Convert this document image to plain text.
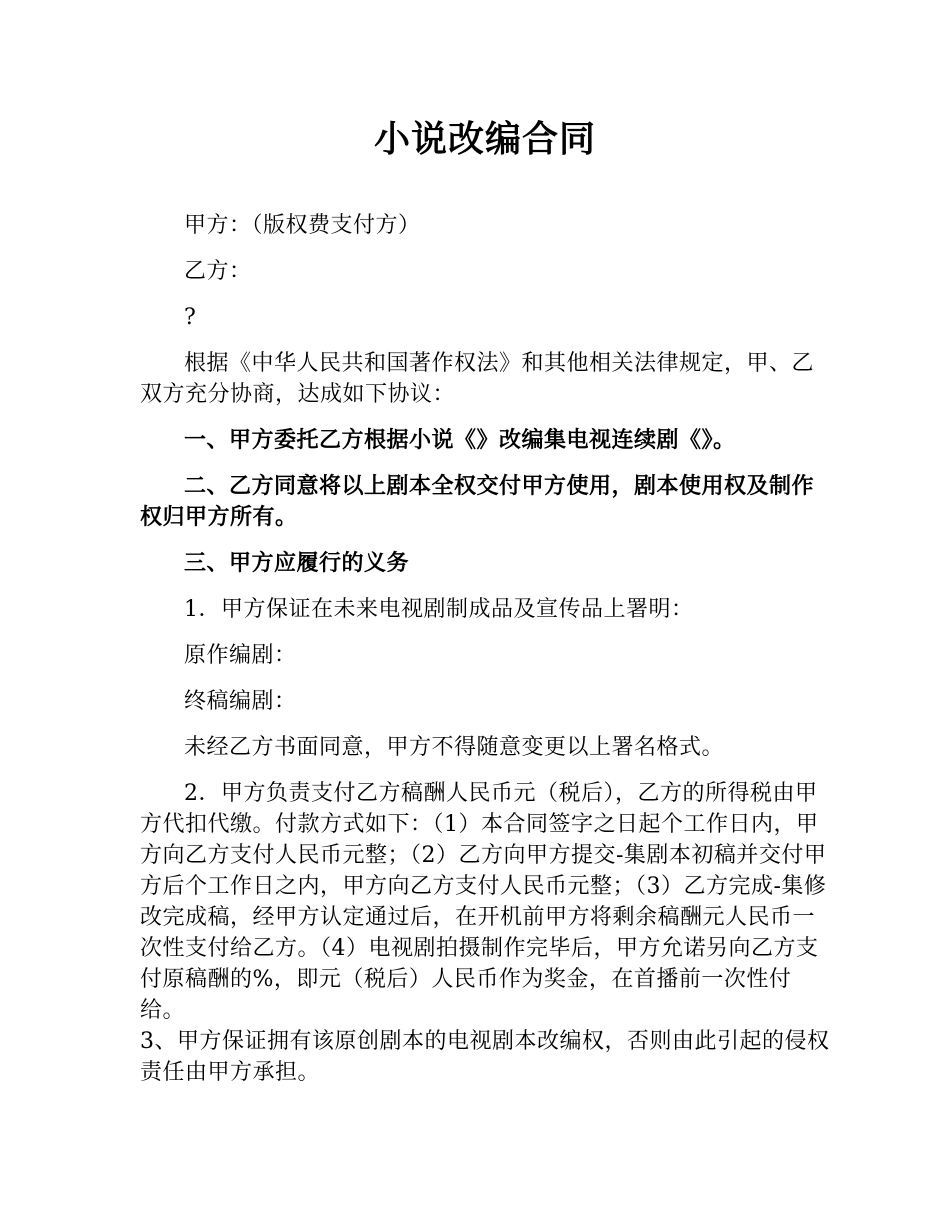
小说改编合同

甲方：（版权费支付方）

乙方：

?

根据《中华人民共和国著作权法》和其他相关法律规定，甲、乙双方充分协商，达成如下协议：

一、甲方委托乙方根据小说《》改编集电视连续剧《》。

二、乙方同意将以上剧本全权交付甲方使用，剧本使用权及制作权归甲方所有。

三、甲方应履行的义务

1．甲方保证在未来电视剧制成品及宣传品上署明：

原作编剧：

终稿编剧：

未经乙方书面同意，甲方不得随意变更以上署名格式。

2．甲方负责支付乙方稿酬人民币元（税后），乙方的所得税由甲方代扣代缴。付款方式如下：（1）本合同签字之日起个工作日内，甲方向乙方支付人民币元整；（2）乙方向甲方提交-集剧本初稿并交付甲方后个工作日之内，甲方向乙方支付人民币元整；（3）乙方完成-集修改完成稿，经甲方认定通过后，在开机前甲方将剩余稿酬元人民币一次性支付给乙方。（4）电视剧拍摄制作完毕后，甲方允诺另向乙方支付原稿酬的%，即元（税后）人民币作为奖金，在首播前一次性付给。

3、甲方保证拥有该原创剧本的电视剧本改编权，否则由此引起的侵权责任由甲方承担。
